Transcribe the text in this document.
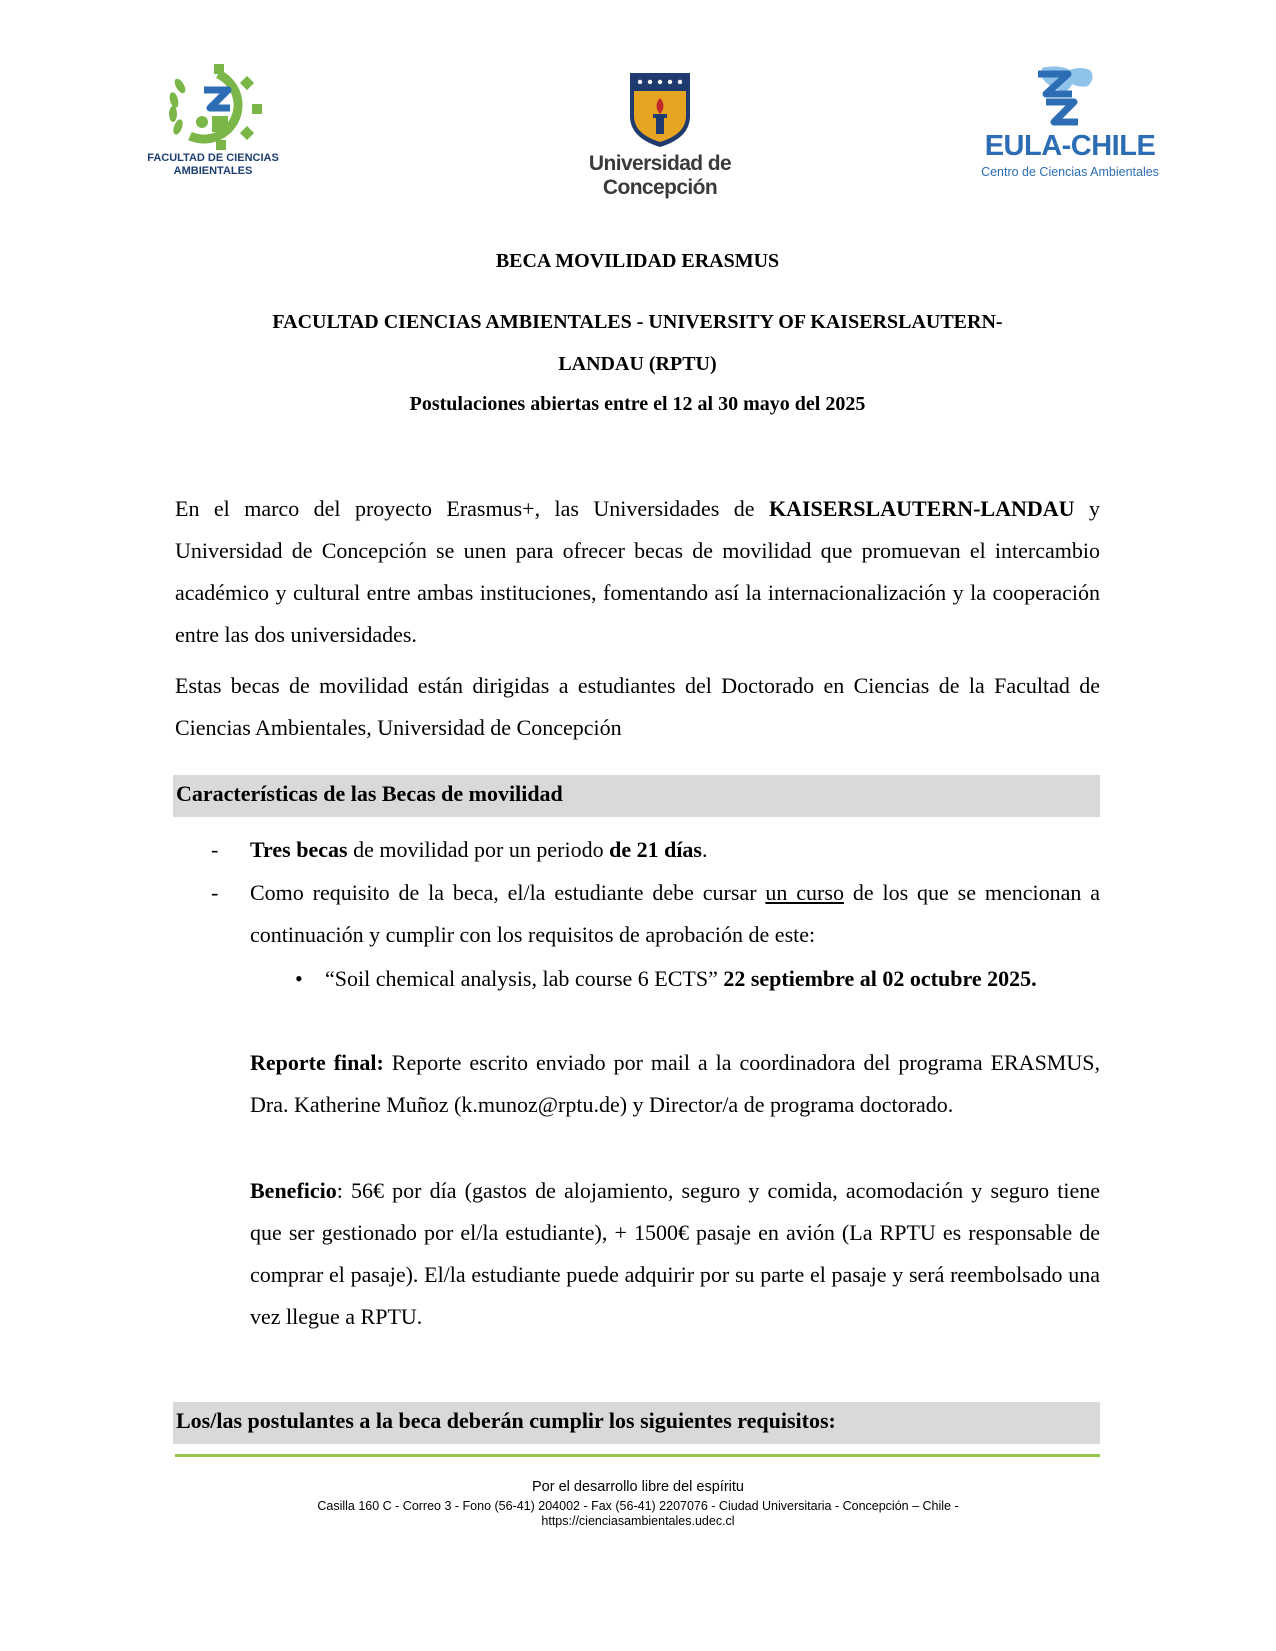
FACULTAD DE CIENCIAS
AMBIENTALES	Universidad de Concepción
EULA-CHILE
Centro de Ciencias Ambientales
BECA MOVILIDAD ERASMUS
FACULTAD CIENCIAS AMBIENTALES - UNIVERSITY OF KAISERSLAUTERN-
LANDAU (RPTU)
Postulaciones abiertas entre el 12 al 30 mayo del 2025
En el marco del proyecto Erasmus+, las Universidades de KAISERSLAUTERN-LANDAU y Universidad de Concepción se unen para ofrecer becas de movilidad que promuevan el intercambio académico y cultural entre ambas instituciones, fomentando así la internacionalización y la cooperación entre las dos universidades.
Estas becas de movilidad están dirigidas a estudiantes del Doctorado en Ciencias de la Facultad de Ciencias Ambientales, Universidad de Concepción
Características de las Becas de movilidad
- Tres becas de movilidad por un periodo de 21 días.
- Como requisito de la beca, el/la estudiante debe cursar un curso de los que se mencionan a continuación y cumplir con los requisitos de aprobación de este:
• “Soil chemical analysis, lab course 6 ECTS” 22 septiembre al 02 octubre 2025.
Reporte final: Reporte escrito enviado por mail a la coordinadora del programa ERASMUS, Dra. Katherine Muñoz (k.munoz@rptu.de) y Director/a de programa doctorado.
Beneficio: 56€ por día (gastos de alojamiento, seguro y comida, acomodación y seguro tiene que ser gestionado por el/la estudiante), + 1500€ pasaje en avión (La RPTU es responsable de comprar el pasaje). El/la estudiante puede adquirir por su parte el pasaje y será reembolsado una vez llegue a RPTU.
Los/las postulantes a la beca deberán cumplir los siguientes requisitos:
Por el desarrollo libre del espíritu
Casilla 160 C - Correo 3 - Fono (56-41) 204002 - Fax (56-41) 2207076 - Ciudad Universitaria - Concepción – Chile -
https://cienciasambientales.udec.cl
